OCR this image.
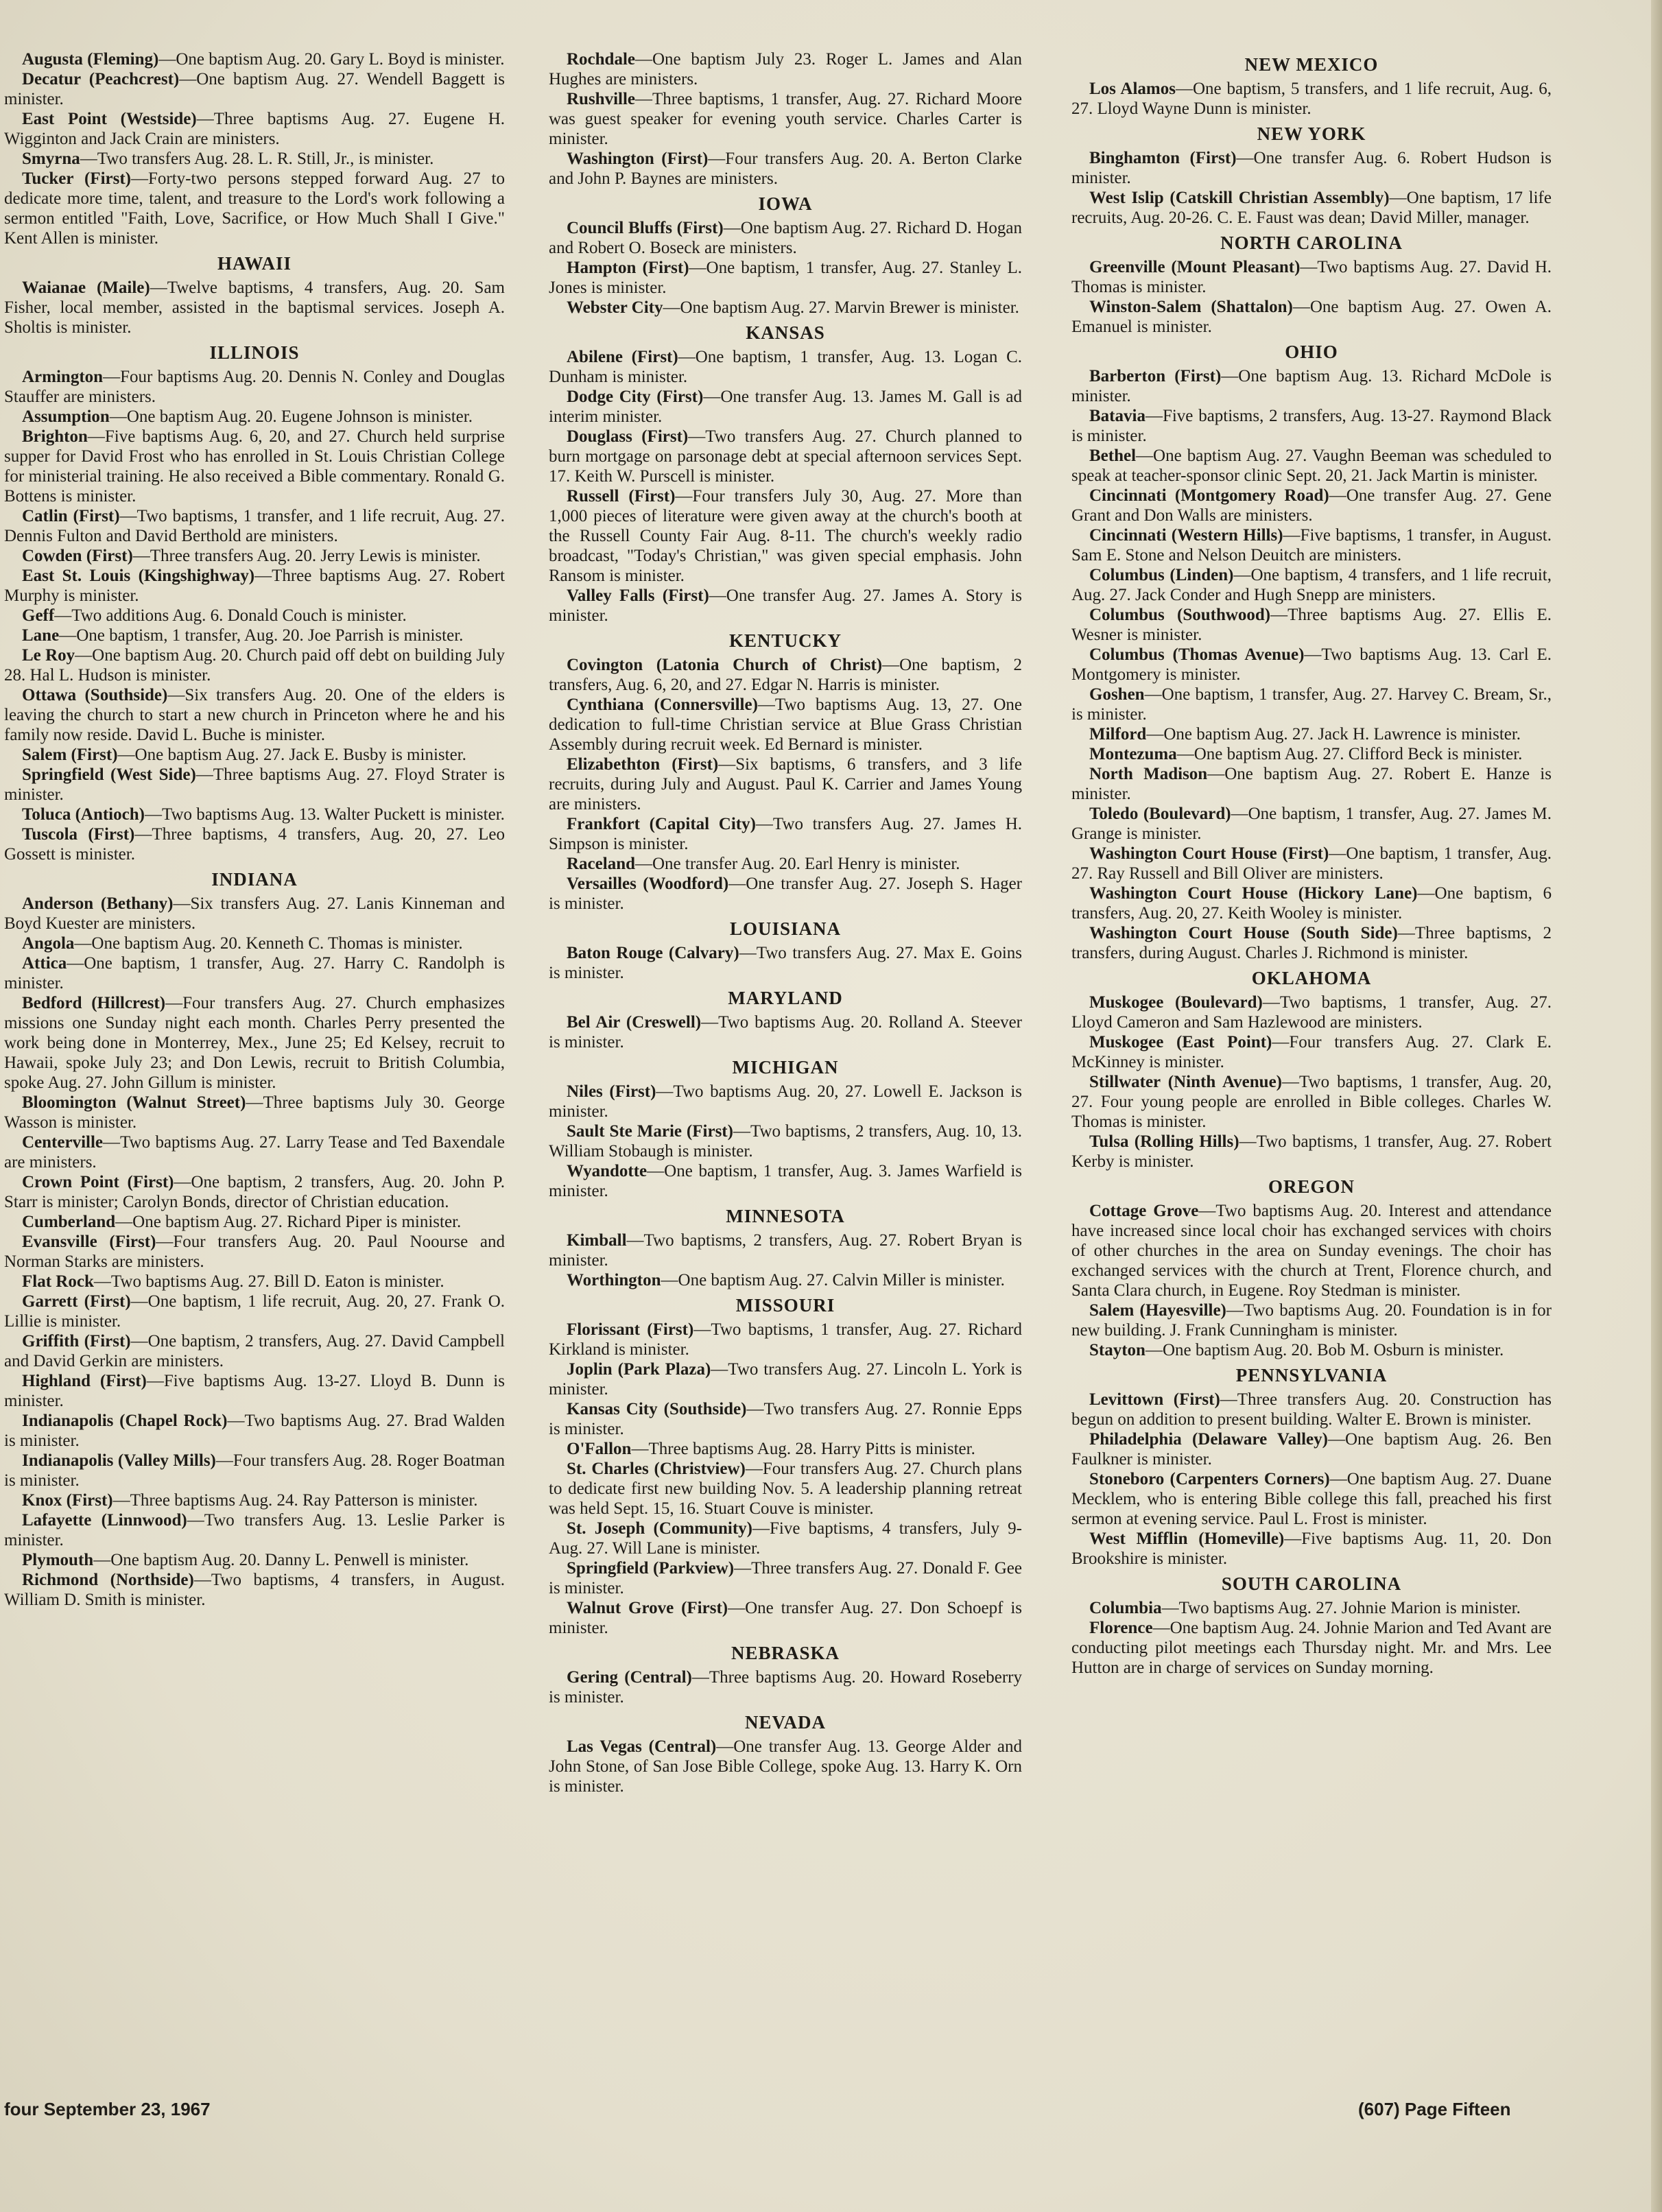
Augusta (Fleming)—One baptism Aug. 20. Gary L. Boyd is minister.

Decatur (Peachcrest)—One baptism Aug. 27. Wendell Baggett is minister.

East Point (Westside)—Three baptisms Aug. 27. Eugene H. Wigginton and Jack Crain are ministers.

Smyrna—Two transfers Aug. 28. L. R. Still, Jr., is minister.

Tucker (First)—Forty-two persons stepped forward Aug. 27 to dedicate more time, talent, and treasure to the Lord's work following a sermon entitled "Faith, Love, Sacrifice, or How Much Shall I Give." Kent Allen is minister.

HAWAII

Waianae (Maile)—Twelve baptisms, 4 transfers, Aug. 20. Sam Fisher, local member, assisted in the baptismal services. Joseph A. Sholtis is minister.

ILLINOIS

Armington—Four baptisms Aug. 20. Dennis N. Conley and Douglas Stauffer are ministers.

Assumption—One baptism Aug. 20. Eugene Johnson is minister.

Brighton—Five baptisms Aug. 6, 20, and 27. Church held surprise supper for David Frost who has enrolled in St. Louis Christian College for ministerial training. He also received a Bible commentary. Ronald G. Bottens is minister.

Catlin (First)—Two baptisms, 1 transfer, and 1 life recruit, Aug. 27. Dennis Fulton and David Berthold are ministers.

Cowden (First)—Three transfers Aug. 20. Jerry Lewis is minister.

East St. Louis (Kingshighway)—Three baptisms Aug. 27. Robert Murphy is minister.

Geff—Two additions Aug. 6. Donald Couch is minister.

Lane—One baptism, 1 transfer, Aug. 20. Joe Parrish is minister.

Le Roy—One baptism Aug. 20. Church paid off debt on building July 28. Hal L. Hudson is minister.

Ottawa (Southside)—Six transfers Aug. 20. One of the elders is leaving the church to start a new church in Princeton where he and his family now reside. David L. Buche is minister.

Salem (First)—One baptism Aug. 27. Jack E. Busby is minister.

Springfield (West Side)—Three baptisms Aug. 27. Floyd Strater is minister.

Toluca (Antioch)—Two baptisms Aug. 13. Walter Puckett is minister.

Tuscola (First)—Three baptisms, 4 transfers, Aug. 20, 27. Leo Gossett is minister.

INDIANA

Anderson (Bethany)—Six transfers Aug. 27. Lanis Kinneman and Boyd Kuester are ministers.

Angola—One baptism Aug. 20. Kenneth C. Thomas is minister.

Attica—One baptism, 1 transfer, Aug. 27. Harry C. Randolph is minister.

Bedford (Hillcrest)—Four transfers Aug. 27. Church emphasizes missions one Sunday night each month. Charles Perry presented the work being done in Monterrey, Mex., June 25; Ed Kelsey, recruit to Hawaii, spoke July 23; and Don Lewis, recruit to British Columbia, spoke Aug. 27. John Gillum is minister.

Bloomington (Walnut Street)—Three baptisms July 30. George Wasson is minister.

Centerville—Two baptisms Aug. 27. Larry Tease and Ted Baxendale are ministers.

Crown Point (First)—One baptism, 2 transfers, Aug. 20. John P. Starr is minister; Carolyn Bonds, director of Christian education.

Cumberland—One baptism Aug. 27. Richard Piper is minister.

Evansville (First)—Four transfers Aug. 20. Paul Noourse and Norman Starks are ministers.

Flat Rock—Two baptisms Aug. 27. Bill D. Eaton is minister.

Garrett (First)—One baptism, 1 life recruit, Aug. 20, 27. Frank O. Lillie is minister.

Griffith (First)—One baptism, 2 transfers, Aug. 27. David Campbell and David Gerkin are ministers.

Highland (First)—Five baptisms Aug. 13-27. Lloyd B. Dunn is minister.

Indianapolis (Chapel Rock)—Two baptisms Aug. 27. Brad Walden is minister.

Indianapolis (Valley Mills)—Four transfers Aug. 28. Roger Boatman is minister.

Knox (First)—Three baptisms Aug. 24. Ray Patterson is minister.

Lafayette (Linnwood)—Two transfers Aug. 13. Leslie Parker is minister.

Plymouth—One baptism Aug. 20. Danny L. Penwell is minister.

Richmond (Northside)—Two baptisms, 4 transfers, in August. William D. Smith is minister.

Rochdale—One baptism July 23. Roger L. James and Alan Hughes are ministers.

Rushville—Three baptisms, 1 transfer, Aug. 27. Richard Moore was guest speaker for evening youth service. Charles Carter is minister.

Washington (First)—Four transfers Aug. 20. A. Berton Clarke and John P. Baynes are ministers.

IOWA

Council Bluffs (First)—One baptism Aug. 27. Richard D. Hogan and Robert O. Boseck are ministers.

Hampton (First)—One baptism, 1 transfer, Aug. 27. Stanley L. Jones is minister.

Webster City—One baptism Aug. 27. Marvin Brewer is minister.

KANSAS

Abilene (First)—One baptism, 1 transfer, Aug. 13. Logan C. Dunham is minister.

Dodge City (First)—One transfer Aug. 13. James M. Gall is ad interim minister.

Douglass (First)—Two transfers Aug. 27. Church planned to burn mortgage on parsonage debt at special afternoon services Sept. 17. Keith W. Purscell is minister.

Russell (First)—Four transfers July 30, Aug. 27. More than 1,000 pieces of literature were given away at the church's booth at the Russell County Fair Aug. 8-11. The church's weekly radio broadcast, "Today's Christian," was given special emphasis. John Ransom is minister.

Valley Falls (First)—One transfer Aug. 27. James A. Story is minister.

KENTUCKY

Covington (Latonia Church of Christ)—One baptism, 2 transfers, Aug. 6, 20, and 27. Edgar N. Harris is minister.

Cynthiana (Connersville)—Two baptisms Aug. 13, 27. One dedication to full-time Christian service at Blue Grass Christian Assembly during recruit week. Ed Bernard is minister.

Elizabethton (First)—Six baptisms, 6 transfers, and 3 life recruits, during July and August. Paul K. Carrier and James Young are ministers.

Frankfort (Capital City)—Two transfers Aug. 27. James H. Simpson is minister.

Raceland—One transfer Aug. 20. Earl Henry is minister.

Versailles (Woodford)—One transfer Aug. 27. Joseph S. Hager is minister.

LOUISIANA

Baton Rouge (Calvary)—Two transfers Aug. 27. Max E. Goins is minister.

MARYLAND

Bel Air (Creswell)—Two baptisms Aug. 20. Rolland A. Steever is minister.

MICHIGAN

Niles (First)—Two baptisms Aug. 20, 27. Lowell E. Jackson is minister.

Sault Ste Marie (First)—Two baptisms, 2 transfers, Aug. 10, 13. William Stobaugh is minister.

Wyandotte—One baptism, 1 transfer, Aug. 3. James Warfield is minister.

MINNESOTA

Kimball—Two baptisms, 2 transfers, Aug. 27. Robert Bryan is minister.

Worthington—One baptism Aug. 27. Calvin Miller is minister.

MISSOURI

Florissant (First)—Two baptisms, 1 transfer, Aug. 27. Richard Kirkland is minister.

Joplin (Park Plaza)—Two transfers Aug. 27. Lincoln L. York is minister.

Kansas City (Southside)—Two transfers Aug. 27. Ronnie Epps is minister.

O'Fallon—Three baptisms Aug. 28. Harry Pitts is minister.

St. Charles (Christview)—Four transfers Aug. 27. Church plans to dedicate first new building Nov. 5. A leadership planning retreat was held Sept. 15, 16. Stuart Couve is minister.

St. Joseph (Community)—Five baptisms, 4 transfers, July 9-Aug. 27. Will Lane is minister.

Springfield (Parkview)—Three transfers Aug. 27. Donald F. Gee is minister.

Walnut Grove (First)—One transfer Aug. 27. Don Schoepf is minister.

NEBRASKA

Gering (Central)—Three baptisms Aug. 20. Howard Roseberry is minister.

NEVADA

Las Vegas (Central)—One transfer Aug. 13. George Alder and John Stone, of San Jose Bible College, spoke Aug. 13. Harry K. Orn is minister.

NEW MEXICO

Los Alamos—One baptism, 5 transfers, and 1 life recruit, Aug. 6, 27. Lloyd Wayne Dunn is minister.

NEW YORK

Binghamton (First)—One transfer Aug. 6. Robert Hudson is minister.

West Islip (Catskill Christian Assembly)—One baptism, 17 life recruits, Aug. 20-26. C. E. Faust was dean; David Miller, manager.

NORTH CAROLINA

Greenville (Mount Pleasant)—Two baptisms Aug. 27. David H. Thomas is minister.

Winston-Salem (Shattalon)—One baptism Aug. 27. Owen A. Emanuel is minister.

OHIO

Barberton (First)—One baptism Aug. 13. Richard McDole is minister.

Batavia—Five baptisms, 2 transfers, Aug. 13-27. Raymond Black is minister.

Bethel—One baptism Aug. 27. Vaughn Beeman was scheduled to speak at teacher-sponsor clinic Sept. 20, 21. Jack Martin is minister.

Cincinnati (Montgomery Road)—One transfer Aug. 27. Gene Grant and Don Walls are ministers.

Cincinnati (Western Hills)—Five baptisms, 1 transfer, in August. Sam E. Stone and Nelson Deuitch are ministers.

Columbus (Linden)—One baptism, 4 transfers, and 1 life recruit, Aug. 27. Jack Conder and Hugh Snepp are ministers.

Columbus (Southwood)—Three baptisms Aug. 27. Ellis E. Wesner is minister.

Columbus (Thomas Avenue)—Two baptisms Aug. 13. Carl E. Montgomery is minister.

Goshen—One baptism, 1 transfer, Aug. 27. Harvey C. Bream, Sr., is minister.

Milford—One baptism Aug. 27. Jack H. Lawrence is minister.

Montezuma—One baptism Aug. 27. Clifford Beck is minister.

North Madison—One baptism Aug. 27. Robert E. Hanze is minister.

Toledo (Boulevard)—One baptism, 1 transfer, Aug. 27. James M. Grange is minister.

Washington Court House (First)—One baptism, 1 transfer, Aug. 27. Ray Russell and Bill Oliver are ministers.

Washington Court House (Hickory Lane)—One baptism, 6 transfers, Aug. 20, 27. Keith Wooley is minister.

Washington Court House (South Side)—Three baptisms, 2 transfers, during August. Charles J. Richmond is minister.

OKLAHOMA

Muskogee (Boulevard)—Two baptisms, 1 transfer, Aug. 27. Lloyd Cameron and Sam Hazlewood are ministers.

Muskogee (East Point)—Four transfers Aug. 27. Clark E. McKinney is minister.

Stillwater (Ninth Avenue)—Two baptisms, 1 transfer, Aug. 20, 27. Four young people are enrolled in Bible colleges. Charles W. Thomas is minister.

Tulsa (Rolling Hills)—Two baptisms, 1 transfer, Aug. 27. Robert Kerby is minister.

OREGON

Cottage Grove—Two baptisms Aug. 20. Interest and attendance have increased since local choir has exchanged services with choirs of other churches in the area on Sunday evenings. The choir has exchanged services with the church at Trent, Florence church, and Santa Clara church, in Eugene. Roy Stedman is minister.

Salem (Hayesville)—Two baptisms Aug. 20. Foundation is in for new building. J. Frank Cunningham is minister.

Stayton—One baptism Aug. 20. Bob M. Osburn is minister.

PENNSYLVANIA

Levittown (First)—Three transfers Aug. 20. Construction has begun on addition to present building. Walter E. Brown is minister.

Philadelphia (Delaware Valley)—One baptism Aug. 26. Ben Faulkner is minister.

Stoneboro (Carpenters Corners)—One baptism Aug. 27. Duane Mecklem, who is entering Bible college this fall, preached his first sermon at evening service. Paul L. Frost is minister.

West Mifflin (Homeville)—Five baptisms Aug. 11, 20. Don Brookshire is minister.

SOUTH CAROLINA

Columbia—Two baptisms Aug. 27. Johnie Marion is minister.

Florence—One baptism Aug. 24. Johnie Marion and Ted Avant are conducting pilot meetings each Thursday night. Mr. and Mrs. Lee Hutton are in charge of services on Sunday morning.

four September 23, 1967	(607) Page Fifteen
